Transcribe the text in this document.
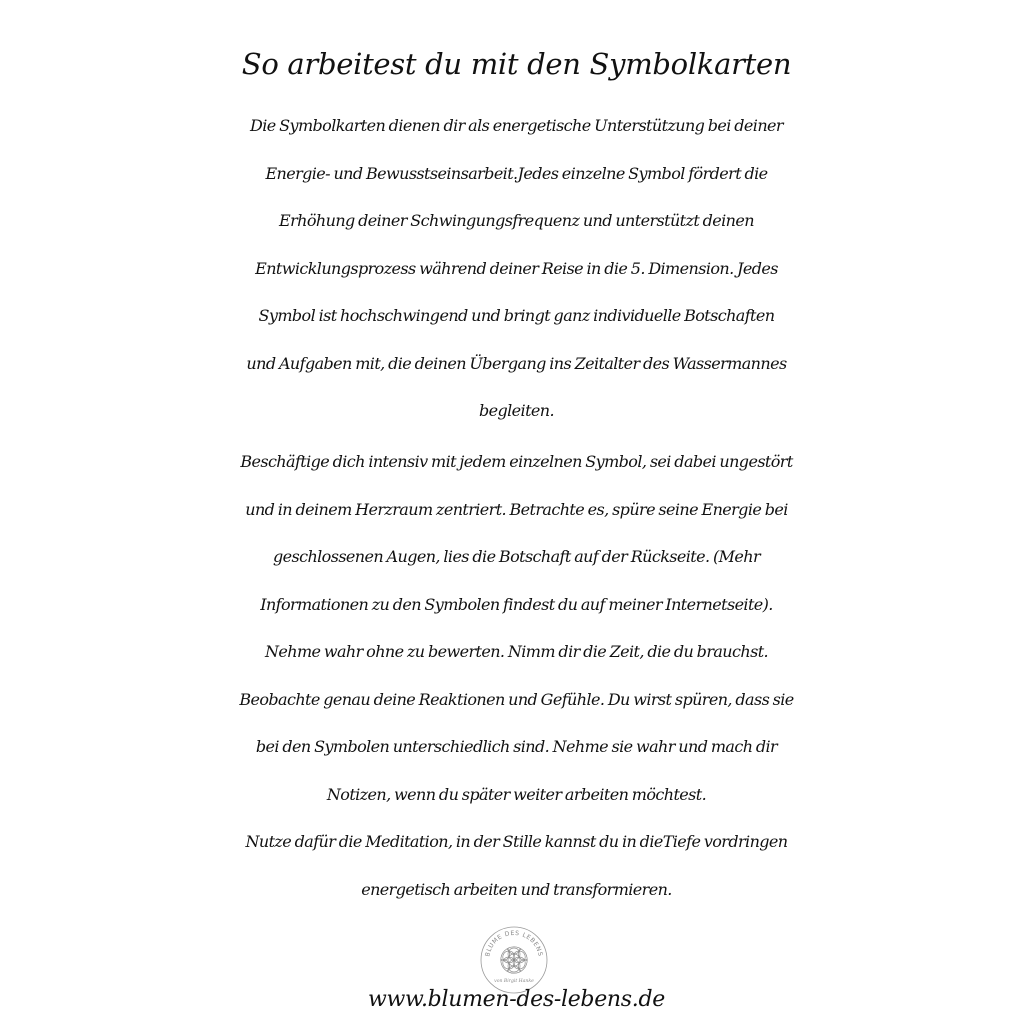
So arbeitest du mit den Symbolkarten
Die Symbolkarten dienen dir als energetische Unterstützung bei deiner
Energie- und Bewusstseinsarbeit.Jedes einzelne Symbol fördert die
Erhöhung deiner Schwingungsfrequenz und unterstützt deinen
Entwicklungsprozess während deiner Reise in die 5. Dimension. Jedes
Symbol ist hochschwingend und bringt ganz individuelle Botschaften
und Aufgaben mit, die deinen Übergang ins Zeitalter des Wassermannes
begleiten.
Beschäftige dich intensiv mit jedem einzelnen Symbol, sei dabei ungestört
und in deinem Herzraum zentriert. Betrachte es, spüre seine Energie bei
geschlossenen Augen, lies die Botschaft auf der Rückseite. (Mehr
Informationen zu den Symbolen findest du auf meiner Internetseite).
Nehme wahr ohne zu bewerten. Nimm dir die Zeit, die du brauchst.
Beobachte genau deine Reaktionen und Gefühle. Du wirst spüren, dass sie
bei den Symbolen unterschiedlich sind. Nehme sie wahr und mach dir
Notizen, wenn du später weiter arbeiten möchtest.
Nutze dafür die Meditation, in der Stille kannst du in dieTiefe vordringen
energetisch arbeiten und transformieren.
BLUME DES LEBENS
von Birgit Hanke
www.blumen-des-lebens.de
